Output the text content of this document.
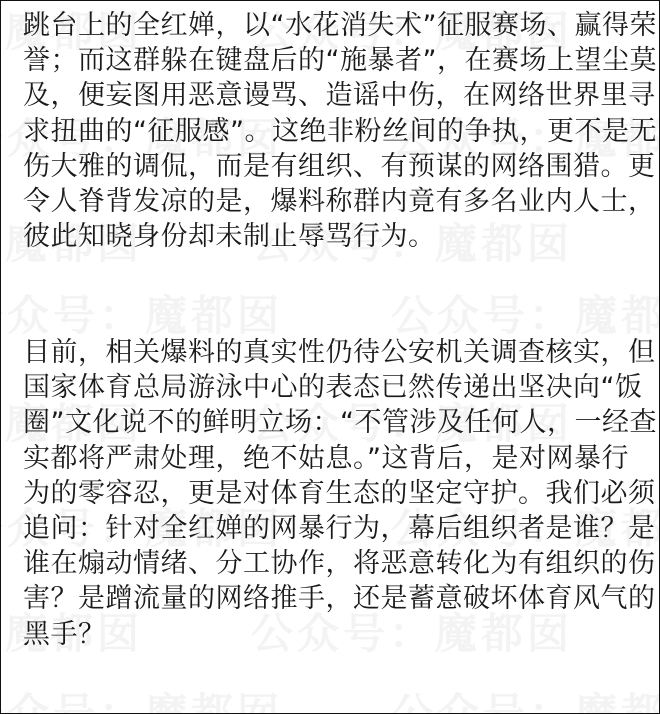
跳台上的全红婵，以“水花消失术”征服赛场、赢得荣
誉；而这群躲在键盘后的“施暴者”，在赛场上望尘莫
及，便妄图用恶意谩骂、造谣中伤，在网络世界里寻
求扭曲的“征服感”。这绝非粉丝间的争执，更不是无
伤大雅的调侃，而是有组织、有预谋的网络围猎。更
令人脊背发凉的是，爆料称群内竟有多名业内人士，
彼此知晓身份却未制止辱骂行为。

目前，相关爆料的真实性仍待公安机关调查核实，但
国家体育总局游泳中心的表态已然传递出坚决向“饭
圈”文化说不的鲜明立场：“不管涉及任何人，一经查
实都将严肃处理，绝不姑息。”这背后，是对网暴行
为的零容忍，更是对体育生态的坚定守护。我们必须
追问：针对全红婵的网暴行为，幕后组织者是谁？是
谁在煽动情绪、分工协作，将恶意转化为有组织的伤
害？是蹭流量的网络推手，还是蓄意破坏体育风气的
黑手？
